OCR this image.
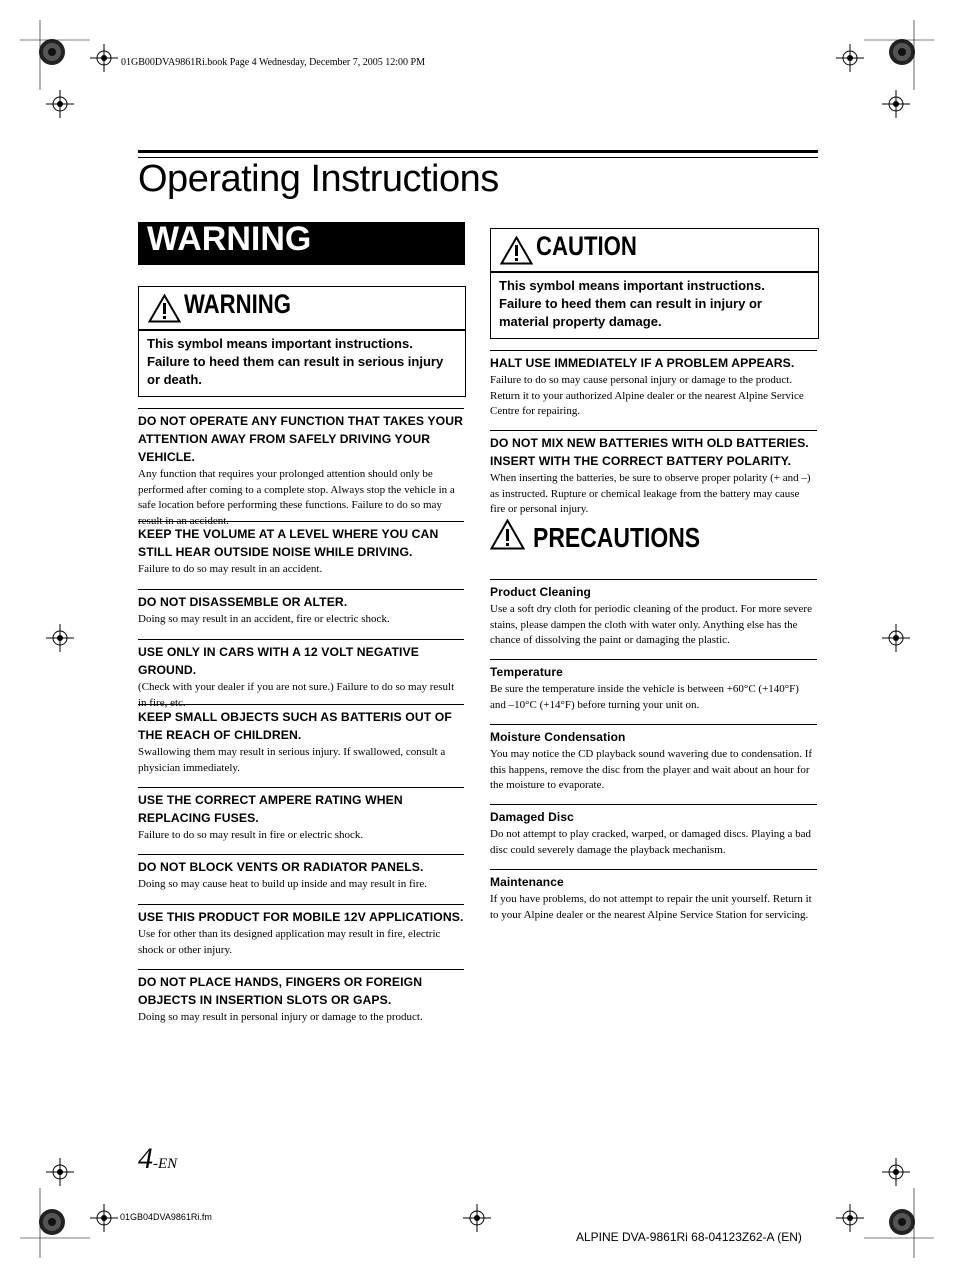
01GB00DVA9861Ri.book Page 4 Wednesday, December 7, 2005 12:00 PM
Operating Instructions
WARNING
WARNING
This symbol means important instructions. Failure to heed them can result in serious injury or death.
DO NOT OPERATE ANY FUNCTION THAT TAKES YOUR ATTENTION AWAY FROM SAFELY DRIVING YOUR VEHICLE.

Any function that requires your prolonged attention should only be performed after coming to a complete stop. Always stop the vehicle in a safe location before performing these functions. Failure to do so may result in an accident.

KEEP THE VOLUME AT A LEVEL WHERE YOU CAN STILL HEAR OUTSIDE NOISE WHILE DRIVING.

Failure to do so may result in an accident.

DO NOT DISASSEMBLE OR ALTER.

Doing so may result in an accident, fire or electric shock.

USE ONLY IN CARS WITH A 12 VOLT NEGATIVE GROUND.

(Check with your dealer if you are not sure.) Failure to do so may result in fire, etc.

KEEP SMALL OBJECTS SUCH AS BATTERIS OUT OF THE REACH OF CHILDREN.

Swallowing them may result in serious injury. If swallowed, consult a physician immediately.

USE THE CORRECT AMPERE RATING WHEN REPLACING FUSES.

Failure to do so may result in fire or electric shock.

DO NOT BLOCK VENTS OR RADIATOR PANELS.

Doing so may cause heat to build up inside and may result in fire.

USE THIS PRODUCT FOR MOBILE 12V APPLICATIONS.

Use for other than its designed application may result in fire, electric shock or other injury.

DO NOT PLACE HANDS, FINGERS OR FOREIGN OBJECTS IN INSERTION SLOTS OR GAPS.

Doing so may result in personal injury or damage to the product.

CAUTION
This symbol means important instructions. Failure to heed them can result in injury or material property damage.
HALT USE IMMEDIATELY IF A PROBLEM APPEARS.

Failure to do so may cause personal injury or damage to the product. Return it to your authorized Alpine dealer or the nearest Alpine Service Centre for repairing.

DO NOT MIX NEW BATTERIES WITH OLD BATTERIES. INSERT WITH THE CORRECT BATTERY POLARITY.

When inserting the batteries, be sure to observe proper polarity (+ and –) as instructed. Rupture or chemical leakage from the battery may cause fire or personal injury.

PRECAUTIONS
Product Cleaning

Use a soft dry cloth for periodic cleaning of the product. For more severe stains, please dampen the cloth with water only. Anything else has the chance of dissolving the paint or damaging the plastic.

Temperature

Be sure the temperature inside the vehicle is between +60°C (+140°F) and –10°C (+14°F) before turning your unit on.

Moisture Condensation

You may notice the CD playback sound wavering due to condensation. If this happens, remove the disc from the player and wait about an hour for the moisture to evaporate.

Damaged Disc

Do not attempt to play cracked, warped, or damaged discs. Playing a bad disc could severely damage the playback mechanism.

Maintenance

If you have problems, do not attempt to repair the unit yourself. Return it to your Alpine dealer or the nearest Alpine Service Station for servicing.

4-EN
01GB04DVA9861Ri.fm
ALPINE DVA-9861Ri 68-04123Z62-A (EN)
